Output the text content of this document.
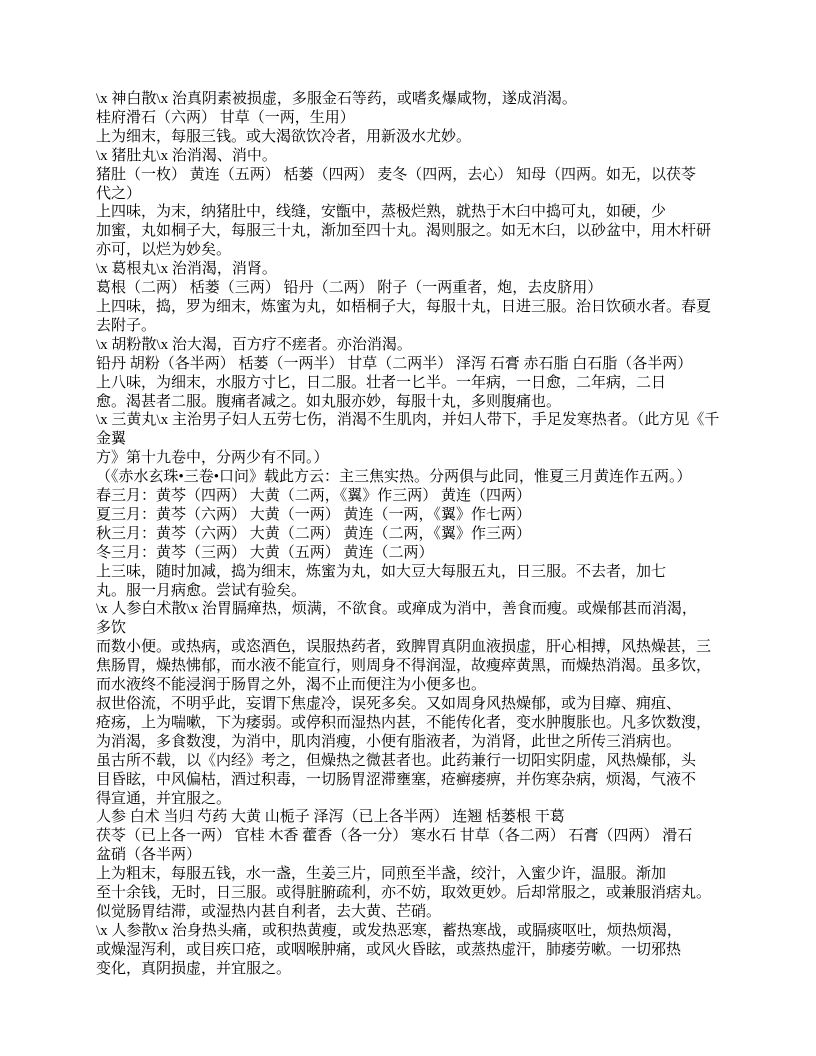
\x 神白散\x 治真阴素被损虚，多服金石等药，或嗜炙爆咸物，遂成消渴。
桂府滑石（六两） 甘草（一两，生用）
上为细末，每服三钱。或大渴欲饮冷者，用新汲水尤妙。
\x 猪肚丸\x 治消渴、消中。
猪肚（一枚） 黄连（五两） 栝蒌（四两） 麦冬（四两，去心） 知母（四两。如无，以茯苓
代之）
上四味，为末，纳猪肚中，线缝，安甑中，蒸极烂熟，就热于木臼中捣可丸，如硬，少
加蜜，丸如桐子大，每服三十丸，渐加至四十丸。渴则服之。如无木臼，以砂盆中，用木杆研
亦可，以烂为妙矣。
\x 葛根丸\x 治消渴，消肾。
葛根（二两） 栝蒌（三两） 铅丹（二两） 附子（一两重者，炮，去皮脐用）
上四味，捣，罗为细末，炼蜜为丸，如梧桐子大，每服十丸，日进三服。治日饮硕水者。春夏
去附子。
\x 胡粉散\x 治大渴，百方疗不瘥者。亦治消渴。
铅丹 胡粉（各半两） 栝蒌（一两半） 甘草（二两半） 泽泻 石膏 赤石脂 白石脂（各半两）
上八味，为细末，水服方寸匕，日二服。壮者一匕半。一年病，一日愈，二年病，二日
愈。渴甚者二服。腹痛者减之。如丸服亦妙，每服十丸，多则腹痛也。
\x 三黄丸\x 主治男子妇人五劳七伤，消渴不生肌肉，并妇人带下，手足发寒热者。（此方见《千
金翼
方》第十九卷中，分两少有不同。）
（《赤水玄珠•三卷•口问》载此方云：主三焦实热。分两俱与此同，惟夏三月黄连作五两。）
春三月：黄芩（四两） 大黄（二两，《翼》作三两） 黄连（四两）
夏三月：黄芩（六两） 大黄（一两） 黄连（一两，《翼》作七两）
秋三月：黄芩（六两） 大黄（二两） 黄连（二两，《翼》作三两）
冬三月：黄芩（三两） 大黄（五两） 黄连（二两）
上三味，随时加减，捣为细末，炼蜜为丸，如大豆大每服五丸，日三服。不去者，加七
丸。服一月病愈。尝试有验矣。
\x 人参白术散\x 治胃膈瘅热，烦满，不欲食。或瘅成为消中，善食而瘦。或燥郁甚而消渴，
多饮
而数小便。或热病，或恣酒色，误服热药者，致脾胃真阴血液损虚，肝心相搏，风热燥甚，三
焦肠胃，燥热怫郁，而水液不能宣行，则周身不得润湿，故瘦瘁黄黑，而燥热消渴。虽多饮，
而水液终不能浸润于肠胃之外，渴不止而便注为小便多也。
叔世俗流，不明乎此，妄谓下焦虚冷，误死多矣。又如周身风热燥郁，或为目瘴、痈疽、
疮疡，上为喘嗽，下为痿弱。或停积而湿热内甚，不能传化者，变水肿腹胀也。凡多饮数溲，
为消渴，多食数溲，为消中，肌肉消瘦，小便有脂液者，为消肾，此世之所传三消病也。
虽古所不载，以《内经》考之，但燥热之微甚者也。此药兼行一切阳实阴虚，风热燥郁，头
目昏眩，中风偏枯，酒过积毒，一切肠胃涩滞壅塞，疮癣痿痹，并伤寒杂病，烦渴，气液不
得宣通，并宜服之。
人参 白术 当归 芍药 大黄 山栀子 泽泻（已上各半两） 连翘 栝蒌根 干葛
茯苓（已上各一两） 官桂 木香 藿香（各一分） 寒水石 甘草（各二两） 石膏（四两） 滑石
盆硝（各半两）
上为粗末，每服五钱，水一盏，生姜三片，同煎至半盏，绞汁，入蜜少许，温服。渐加
至十余钱，无时，日三服。或得脏腑疏利，亦不妨，取效更妙。后却常服之，或兼服消痞丸。
似觉肠胃结滞，或湿热内甚自利者，去大黄、芒硝。
\x 人参散\x 治身热头痛，或积热黄瘦，或发热恶寒，蓄热寒战，或膈痰呕吐，烦热烦渴，
或燥湿泻利，或目疾口疮，或咽喉肿痛，或风火昏眩，或蒸热虚汗，肺痿劳嗽。一切邪热
变化，真阴损虚，并宜服之。
